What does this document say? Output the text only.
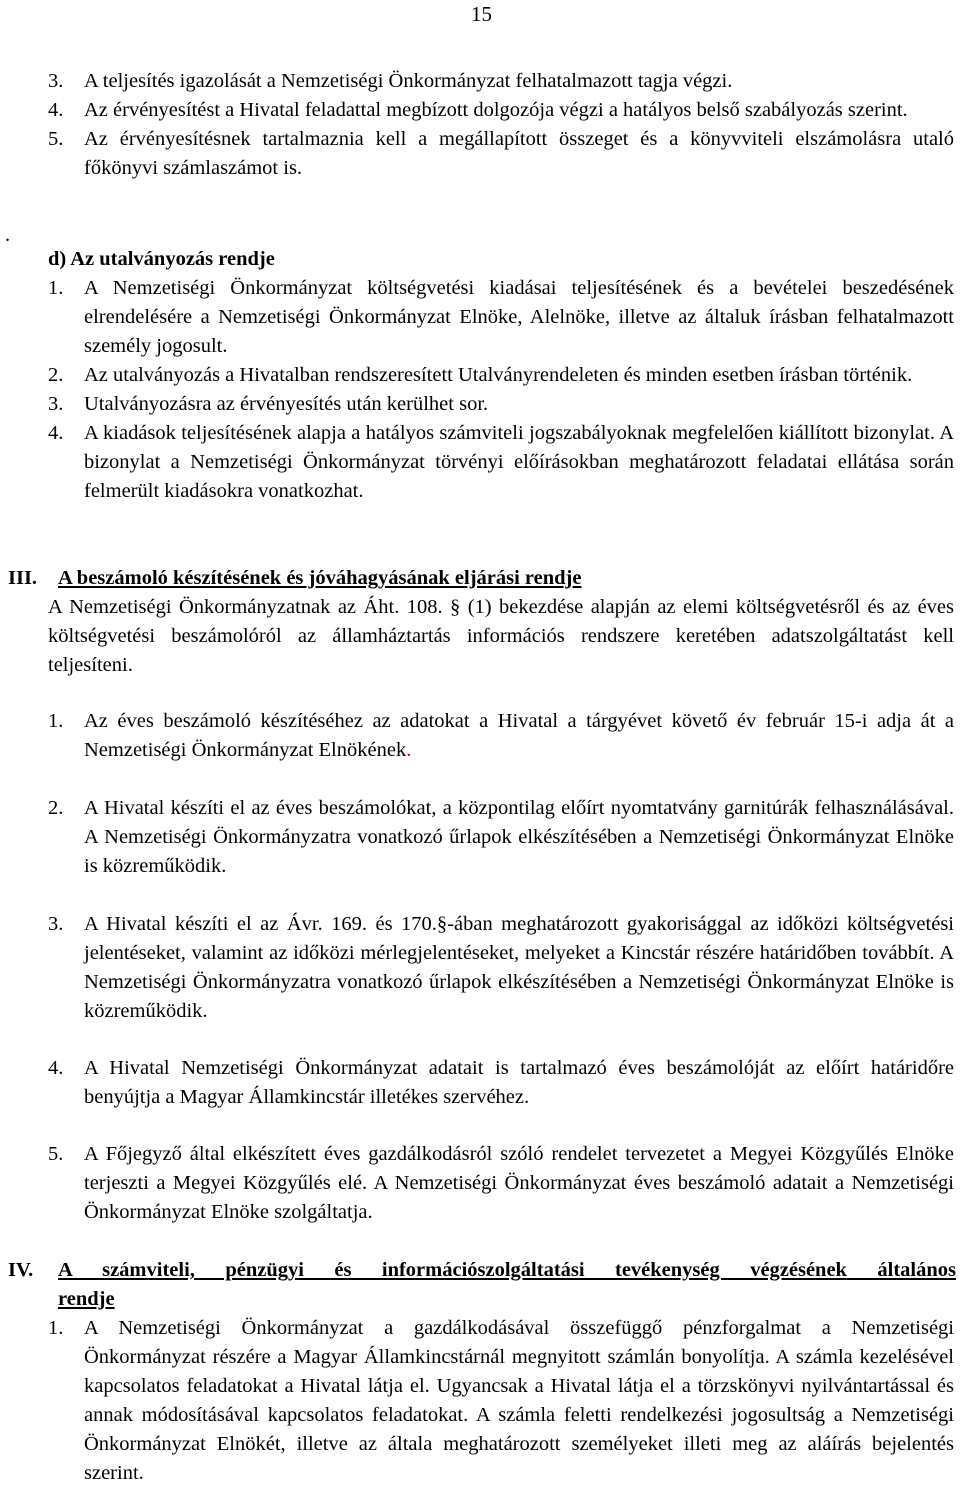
15
.
3.	A teljesítés igazolását a Nemzetiségi Önkormányzat felhatalmazott tagja végzi.
4.	Az érvényesítést a Hivatal feladattal megbízott dolgozója végzi a hatályos belső szabályozás szerint.
5.	Az érvényesítésnek tartalmaznia kell a megállapított összeget és a könyvviteli elszámolásra utaló főkönyvi számlaszámot is.
d) Az utalványozás rendje
1.	A Nemzetiségi Önkormányzat költségvetési kiadásai teljesítésének és a bevételei beszedésének elrendelésére a Nemzetiségi Önkormányzat Elnöke, Alelnöke, illetve az általuk írásban felhatalmazott személy jogosult.
2.	Az utalványozás a Hivatalban rendszeresített Utalványrendeleten és minden esetben írásban történik.
3.	Utalványozásra az érvényesítés után kerülhet sor.
4.	A kiadások teljesítésének alapja a hatályos számviteli jogszabályoknak megfelelően kiállított bizonylat. A bizonylat a Nemzetiségi Önkormányzat törvényi előírásokban meghatározott feladatai ellátása során felmerült kiadásokra vonatkozhat.
III. A beszámoló készítésének és jóváhagyásának eljárási rendje
A Nemzetiségi Önkormányzatnak az Áht. 108. § (1) bekezdése alapján az elemi költségvetésről és az éves költségvetési beszámolóról az államháztartás információs rendszere keretében adatszolgáltatást kell teljesíteni.
1.	Az éves beszámoló készítéséhez az adatokat a Hivatal a tárgyévet követő év február 15-i adja át a Nemzetiségi Önkormányzat Elnökének.
2.	A Hivatal készíti el az éves beszámolókat, a központilag előírt nyomtatvány garnitúrák felhasználásával. A Nemzetiségi Önkormányzatra vonatkozó űrlapok elkészítésében a Nemzetiségi Önkormányzat Elnöke is közreműködik.
3.	A Hivatal készíti el az Ávr. 169. és 170.§-ában meghatározott gyakorisággal az időközi költségvetési jelentéseket, valamint az időközi mérlegjelentéseket, melyeket a Kincstár részére határidőben továbbít. A Nemzetiségi Önkormányzatra vonatkozó űrlapok elkészítésében a Nemzetiségi Önkormányzat Elnöke is közreműködik.
4.	A Hivatal Nemzetiségi Önkormányzat adatait is tartalmazó éves beszámolóját az előírt határidőre benyújtja a Magyar Államkincstár illetékes szervéhez.
5.	A Főjegyző által elkészített éves gazdálkodásról szóló rendelet tervezetet a Megyei Közgyűlés Elnöke terjeszti a Megyei Közgyűlés elé. A Nemzetiségi Önkormányzat éves beszámoló adatait a Nemzetiségi Önkormányzat Elnöke szolgáltatja.
IV. A számviteli, pénzügyi és információszolgáltatási tevékenység végzésének általános
rendje
1.	A Nemzetiségi Önkormányzat a gazdálkodásával összefüggő pénzforgalmat a Nemzetiségi Önkormányzat részére a Magyar Államkincstárnál megnyitott számlán bonyolítja. A számla kezelésével kapcsolatos feladatokat a Hivatal látja el. Ugyancsak a Hivatal látja el a törzskönyvi nyilvántartással és annak módosításával kapcsolatos feladatokat. A számla feletti rendelkezési jogosultság a Nemzetiségi Önkormányzat Elnökét, illetve az általa meghatározott személyeket illeti meg az aláírás bejelentés szerint.
